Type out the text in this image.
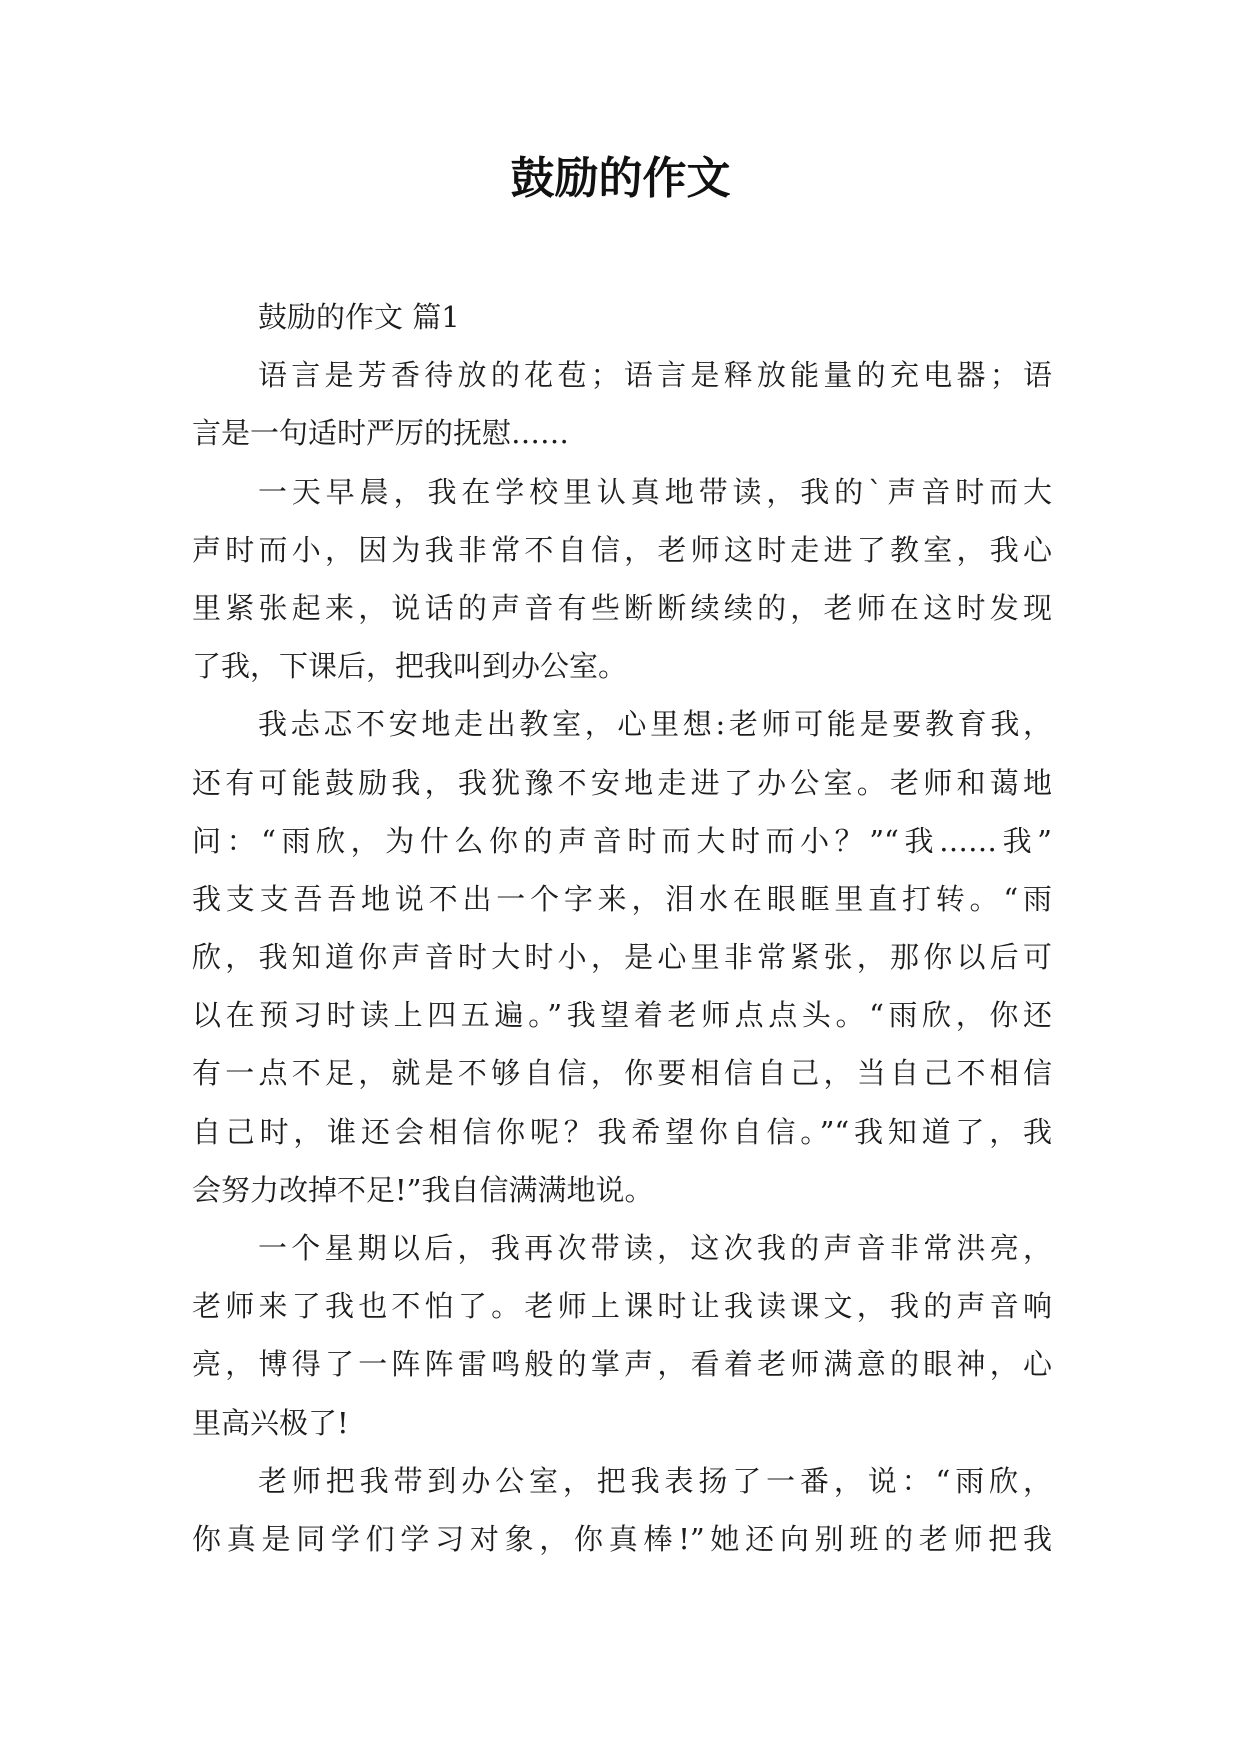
鼓励的作文
鼓励的作文 篇1
语言是芳香待放的花苞；语言是释放能量的充电器；语
言是一句适时严厉的抚慰……
一天早晨，我在学校里认真地带读，我的`声音时而大
声时而小，因为我非常不自信，老师这时走进了教室，我心
里紧张起来，说话的声音有些断断续续的，老师在这时发现
了我，下课后，把我叫到办公室。
我忐忑不安地走出教室，心里想:老师可能是要教育我，
还有可能鼓励我，我犹豫不安地走进了办公室。老师和蔼地
问：“雨欣，为什么你的声音时而大时而小？”“我……我”
我支支吾吾地说不出一个字来，泪水在眼眶里直打转。“雨
欣，我知道你声音时大时小，是心里非常紧张，那你以后可
以在预习时读上四五遍。”我望着老师点点头。“雨欣，你还
有一点不足，就是不够自信，你要相信自己，当自己不相信
自己时，谁还会相信你呢？我希望你自信。”“我知道了，我
会努力改掉不足!”我自信满满地说。
一个星期以后，我再次带读，这次我的声音非常洪亮，
老师来了我也不怕了。老师上课时让我读课文，我的声音响
亮，博得了一阵阵雷鸣般的掌声，看着老师满意的眼神，心
里高兴极了!
老师把我带到办公室，把我表扬了一番，说：“雨欣，
你真是同学们学习对象，你真棒!”她还向别班的老师把我
